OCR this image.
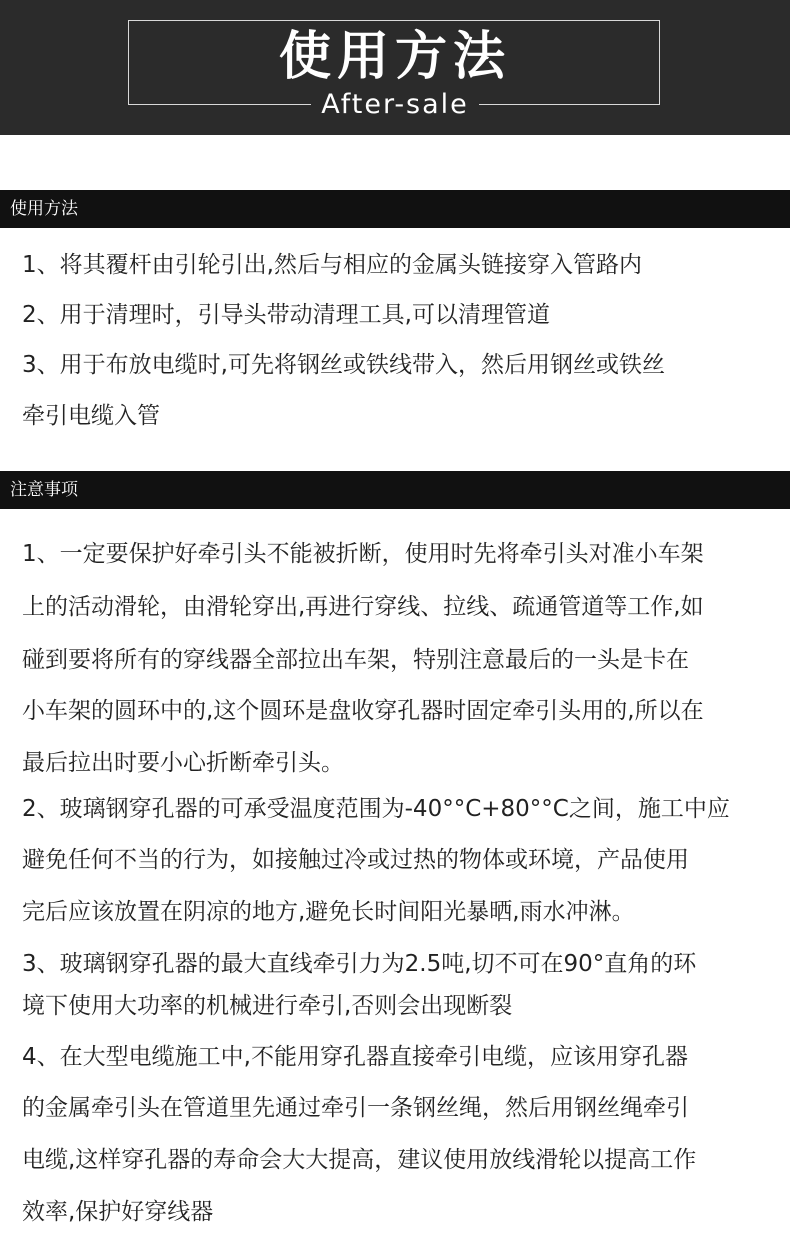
使用方法
After-sale
使用方法
1、将其覆杆由引轮引出,然后与相应的金属头链接穿入管路内
2、用于清理时，引导头带动清理工具,可以清理管道
3、用于布放电缆时,可先将钢丝或铁线带入，然后用钢丝或铁丝
牵引电缆入管
注意事项
1、一定要保护好牵引头不能被折断，使用时先将牵引头对准小车架
上的活动滑轮，由滑轮穿出,再进行穿线、拉线、疏通管道等工作,如
碰到要将所有的穿线器全部拉出车架，特别注意最后的一头是卡在
小车架的圆环中的,这个圆环是盘收穿孔器时固定牵引头用的,所以在
最后拉出时要小心折断牵引头。
2、玻璃钢穿孔器的可承受温度范围为-40°°C+80°°C之间，施工中应
避免任何不当的行为，如接触过冷或过热的物体或环境，产品使用
完后应该放置在阴凉的地方,避免长时间阳光暴晒,雨水冲淋。
3、玻璃钢穿孔器的最大直线牵引力为2.5吨,切不可在90°直角的环
境下使用大功率的机械进行牵引,否则会出现断裂
4、在大型电缆施工中,不能用穿孔器直接牵引电缆，应该用穿孔器
的金属牵引头在管道里先通过牵引一条钢丝绳，然后用钢丝绳牵引
电缆,这样穿孔器的寿命会大大提高，建议使用放线滑轮以提高工作
效率,保护好穿线器
